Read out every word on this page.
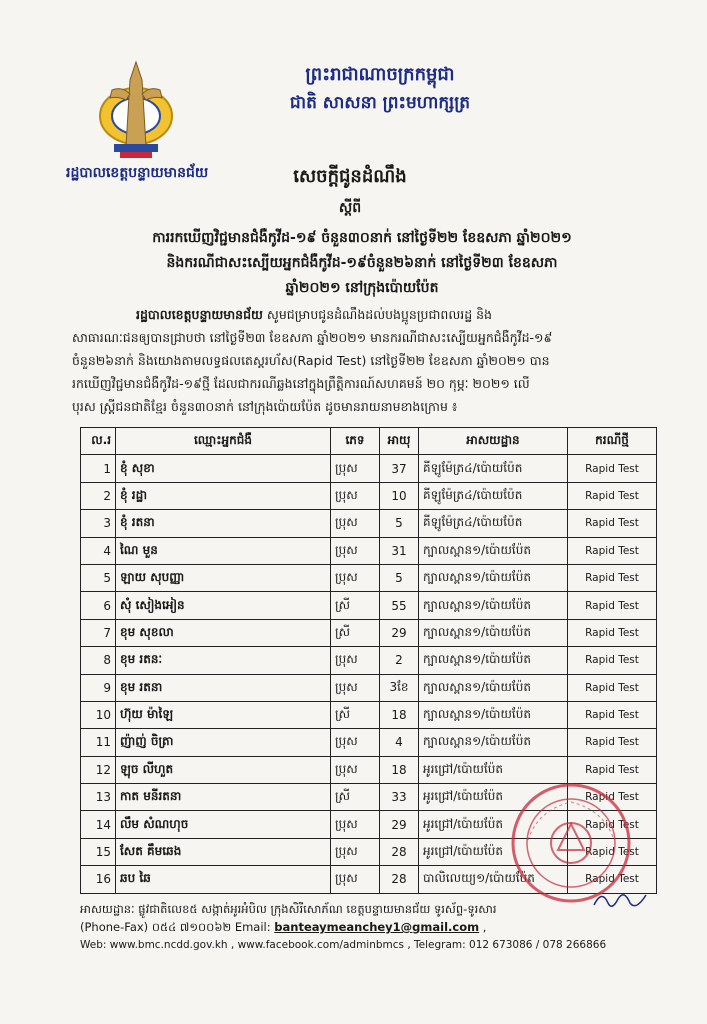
ព្រះរាជាណាចក្រកម្ពុជា
ជាតិ សាសនា ព្រះមហាក្សត្រ
រដ្ឋបាលខេត្តបន្ទាយមានជ័យ	សេចក្ដីជូនដំណឹង
ស្ដីពី
ការរកឃើញវិជ្ជមានជំងឺកូវីដ-១៩ ចំនួន៣០នាក់ នៅថ្ងៃទី២២ ខែឧសភា ឆ្នាំ២០២១
និងករណីជាសះស្បើយអ្នកជំងឺកូវីដ-១៩ចំនួន២៦នាក់ នៅថ្ងៃទី២៣ ខែឧសភា
ឆ្នាំ២០២១ នៅក្រុងប៉ោយប៉ែត

រដ្ឋបាលខេត្តបន្ទាយមានជ័យ សូមជម្រាបជូនដំណឹងដល់បងប្អូនប្រជាពលរដ្ឋ និង

សាធារណៈជនឲ្យបានជ្រាបថា នៅថ្ងៃទី២៣ ខែឧសភា ឆ្នាំ២០២១ មានករណីជាសះស្បើយអ្នកជំងឺកូវីដ-១៩

ចំនួន២៦នាក់ និងយោងតាមលទ្ធផលតេស្តរហ័ស(Rapid Test) នៅថ្ងៃទី២២ ខែឧសភា ឆ្នាំ២០២១ បាន

រកឃើញវិជ្ជមានជំងឺកូវីដ-១៩ថ្មី ដែលជាករណីឆ្លងនៅក្នុងព្រឹត្តិការណ៍សហគមន៍ ២០ កុម្ភៈ ២០២១ លើ

បុរស ស្ត្រីជនជាតិខ្មែរ ចំនួន៣០នាក់ នៅក្រុងប៉ោយប៉ែត ដូចមានរាយនាមខាងក្រោម ៖

ល.រ	ឈ្មោះអ្នកជំងឺ	ភេទ	អាយុ	អាសយដ្ឋាន	ករណីថ្មី
1	ខុំ សុខា	ប្រុស	37	គីឡូម៉ែត្រ៤/ប៉ោយប៉ែត	Rapid Test
2	ខុំ រដ្ឋា	ប្រុស	10	គីឡូម៉ែត្រ៤/ប៉ោយប៉ែត	Rapid Test
3	ខុំ រតនា	ប្រុស	5	គីឡូម៉ែត្រ៤/ប៉ោយប៉ែត	Rapid Test
4	ណៃ មួន	ប្រុស	31	ក្បាលស្ពាន១/ប៉ោយប៉ែត	Rapid Test
5	ឡាយ សុបញ្ញា	ប្រុស	5	ក្បាលស្ពាន១/ប៉ោយប៉ែត	Rapid Test
6	សុំ សៀងអៀន	ស្រី	55	ក្បាលស្ពាន១/ប៉ោយប៉ែត	Rapid Test
7	ខុម សុខលា	ស្រី	29	ក្បាលស្ពាន១/ប៉ោយប៉ែត	Rapid Test
8	ខុម រតនៈ	ប្រុស	2	ក្បាលស្ពាន១/ប៉ោយប៉ែត	Rapid Test
9	ខុម រតនា	ប្រុស	3ខែ	ក្បាលស្ពាន១/ប៉ោយប៉ែត	Rapid Test
10	ហ៊ុយ ម៉ាឡៃ	ស្រី	18	ក្បាលស្ពាន១/ប៉ោយប៉ែត	Rapid Test
11	ញ៉ាញ់ ចិត្រា	ប្រុស	4	ក្បាលស្ពាន១/ប៉ោយប៉ែត	Rapid Test
12	ឡុច លីហួត	ប្រុស	18	អូរជ្រៅ/ប៉ោយប៉ែត	Rapid Test
13	កាត មនីរតនា	ស្រី	33	អូរជ្រៅ/ប៉ោយប៉ែត	Rapid Test
14	លឹម សំណហុច	ប្រុស	29	អូរជ្រៅ/ប៉ោយប៉ែត	Rapid Test
15	សែត គឹមឆេង	ប្រុស	28	អូរជ្រៅ/ប៉ោយប៉ែត	Rapid Test
16	ឆប ឆៃ	ប្រុស	28	បាលិលេយ្យ១/ប៉ោយប៉ែត	Rapid Test
អាសយដ្ឋានៈ ផ្លូវជាតិលេខ៥ សង្កាត់អូរអំបិល ក្រុងសិរីសោភ័ណ ខេត្តបន្ទាយមានជ័យ ទូរស័ព្ទ-ទូរសារ
(Phone-Fax) ០៥៤ ៧១០០៦២ Email: banteaymeanchey1@gmail.com ,
Web: www.bmc.ncdd.gov.kh , www.facebook.com/adminbmcs , Telegram: 012 673086 / 078 266866
